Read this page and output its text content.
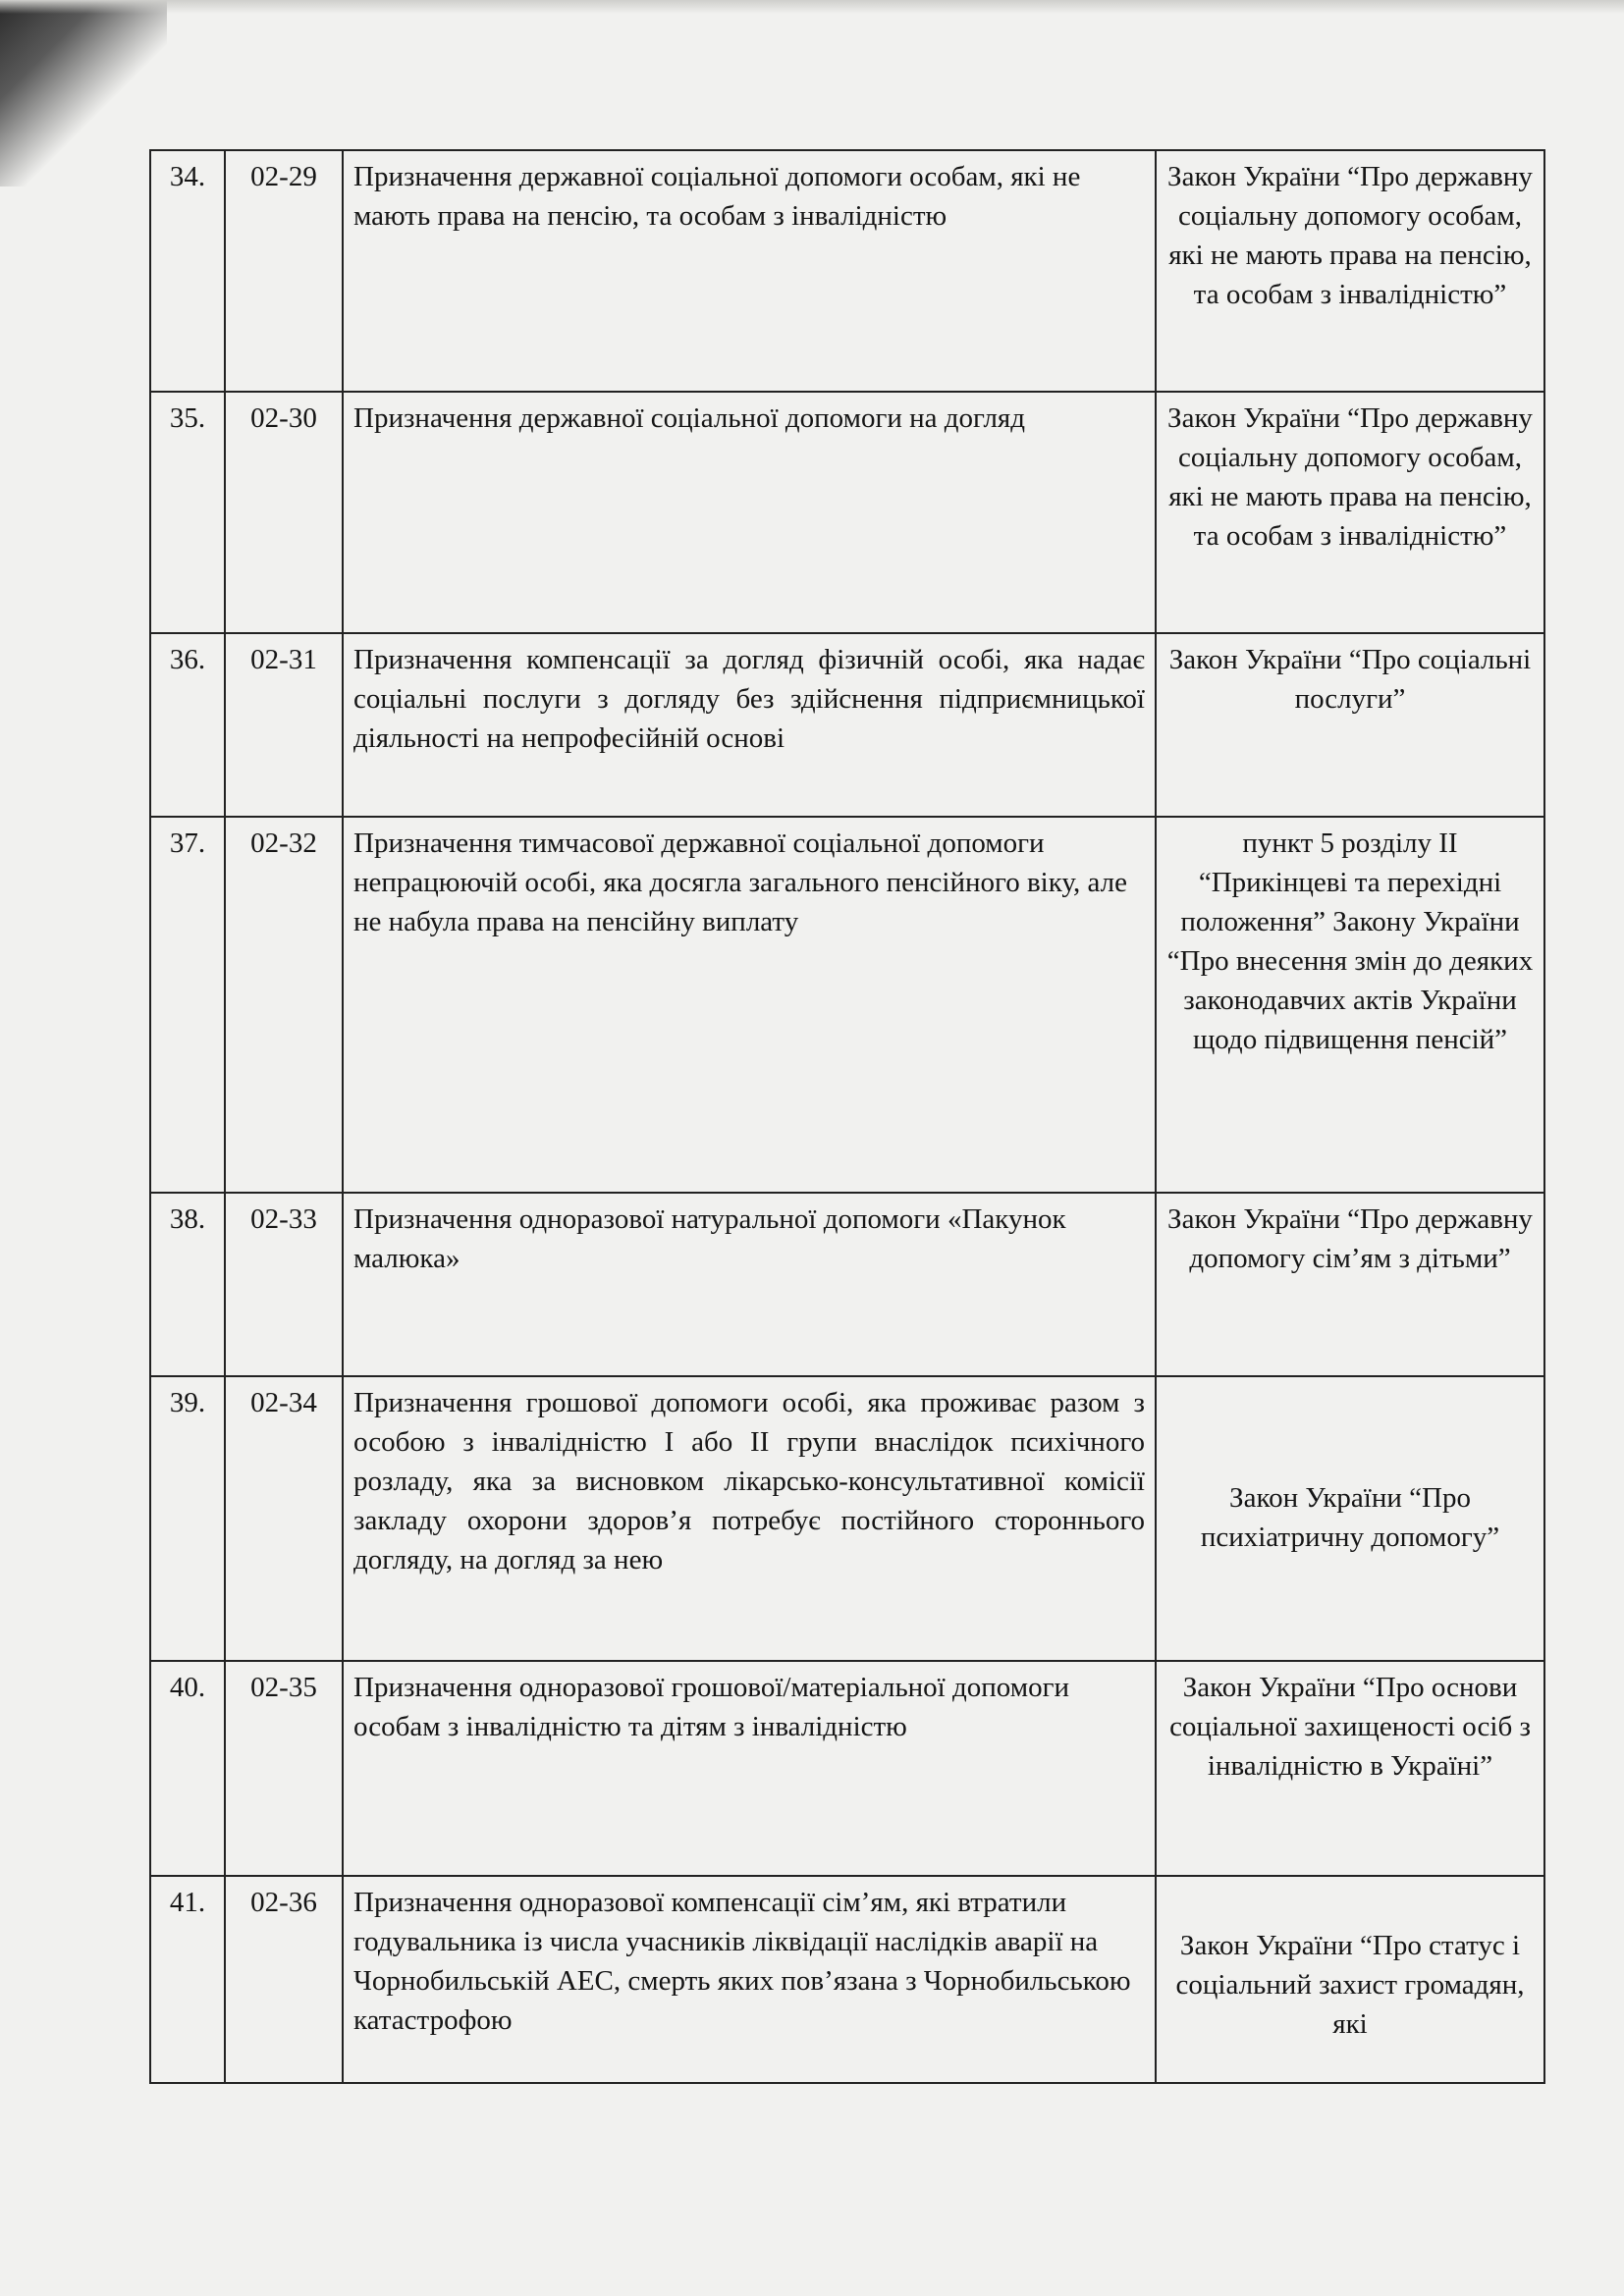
34.	02-29	Призначення державної соціальної допомоги особам, які не мають права на пенсію, та особам з інвалідністю	Закон України “Про державну соціальну допомогу особам, які не мають права на пенсію, та особам з інвалідністю”
35.	02-30	Призначення державної соціальної допомоги на догляд	Закон України “Про державну соціальну допомогу особам, які не мають права на пенсію, та особам з інвалідністю”
36.	02-31	Призначення компенсації за догляд фізичній особі, яка надає соціальні послуги з догляду без здійснення підприємницької діяльності на непрофесійній основі	Закон України “Про соціальні послуги”
37.	02-32	Призначення тимчасової державної соціальної допомоги непрацюючій особі, яка досягла загального пенсійного віку, але не набула права на пенсійну виплату	пункт 5 розділу II “Прикінцеві та перехідні положення” Закону України “Про внесення змін до деяких законодавчих актів України щодо підвищення пенсій”
38.	02-33	Призначення одноразової натуральної допомоги «Пакунок малюка»	Закон України “Про державну допомогу сім’ям з дітьми”
39.	02-34	Призначення грошової допомоги особі, яка проживає разом з особою з інвалідністю I або II групи внаслідок психічного розладу, яка за висновком лікарсько-консультативної комісії закладу охорони здоров’я потребує постійного стороннього догляду, на догляд за нею	Закон України “Про психіатричну допомогу”
40.	02-35	Призначення одноразової грошової/матеріальної допомоги особам з інвалідністю та дітям з інвалідністю	Закон України “Про основи соціальної захищеності осіб з інвалідністю в Україні”
41.	02-36	Призначення одноразової компенсації сім’ям, які втратили годувальника із числа учасників ліквідації наслідків аварії на Чорнобильській АЕС, смерть яких пов’язана з Чорнобильською катастрофою	Закон України “Про статус і соціальний захист громадян, які
